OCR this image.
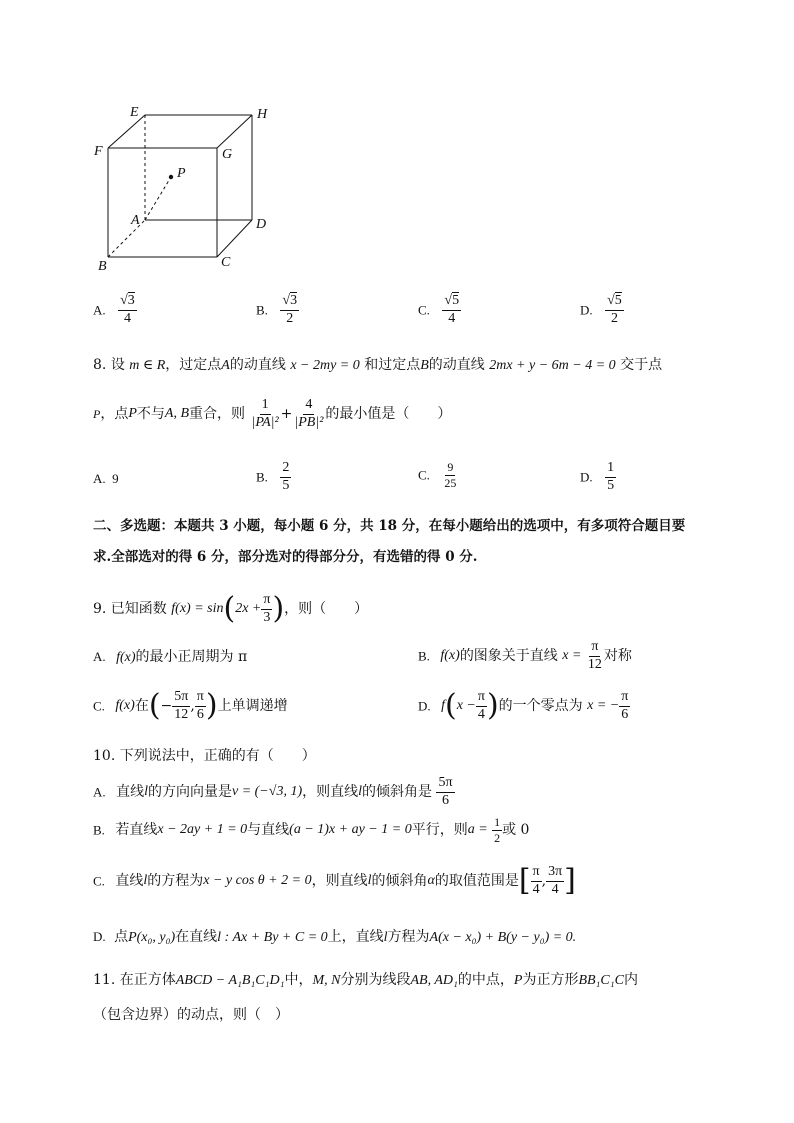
E	H
F	G
P
A	D
B	C
A. $\frac{√3}{4}$	B. $\frac{√3}{2}$	C. $\frac{√5}{4}$	D. $\frac{√5}{2}$
8. 设 m ∈ R，过定点A的动直线 x − 2my = 0 和过定点B的动直线 2mx + y − 6m − 4 = 0 交于点
P，点P不与A, B重合，则 $\frac{1}{\text{|PA|²}} + \frac{4}{\text{|PB|²}}$ 的最小值是（　　）
A. 9	B. $\frac{2}{5}$	C. $\frac{9}{25}$	D. $\frac{1}{5}$
二、多选题：本题共 3 小题，每小题 6 分，共 18 分，在每小题给出的选项中，有多项符合题目要
求.全部选对的得 6 分，部分选对的得部分分，有选错的得 0 分.
9. 已知函数 $f(x) = \sin(2x + \frac{\pi}{3}$ )，则（　　）
A. f(x)的最小正周期为 π	B. f(x)的图象关于直线 $x = \frac{\pi}{12}$ 对称
C. f(x)在(− $\frac{5\pi}{12}$ , $\frac{\pi}{6}$ )上单调递增	D. $f(x - \frac{\pi}{4}$ )的一个零点为 x = − $\frac{\pi}{6}$
10. 下列说法中，正确的有（　　）
A. 直线l的方向向量是v = (−√3, 1)，则直线l的倾斜角是 $\frac{5\pi}{6}$
B. 若直线x − 2ay + 1 = 0与直线(a − 1)x + ay − 1 = 0平行，则$a = \frac{1}{2}$ 或 0
C. 直线l的方程为x − y cos θ + 2 = 0，则直线l的倾斜角α的取值范围是[ $\frac{\pi}{4}$ , $\frac{3\pi}{4}$ ]
D. 点P(x₀, y₀)在直线l : Ax + By + C = 0上，直线l方程为A(x − x₀) + B(y − y₀) = 0.
11. 在正方体ABCD − A₁B₁C₁D₁中，M, N分别为线段AB, AD₁的中点，P为正方形BB₁C₁C内
（包含边界）的动点，则（　）
